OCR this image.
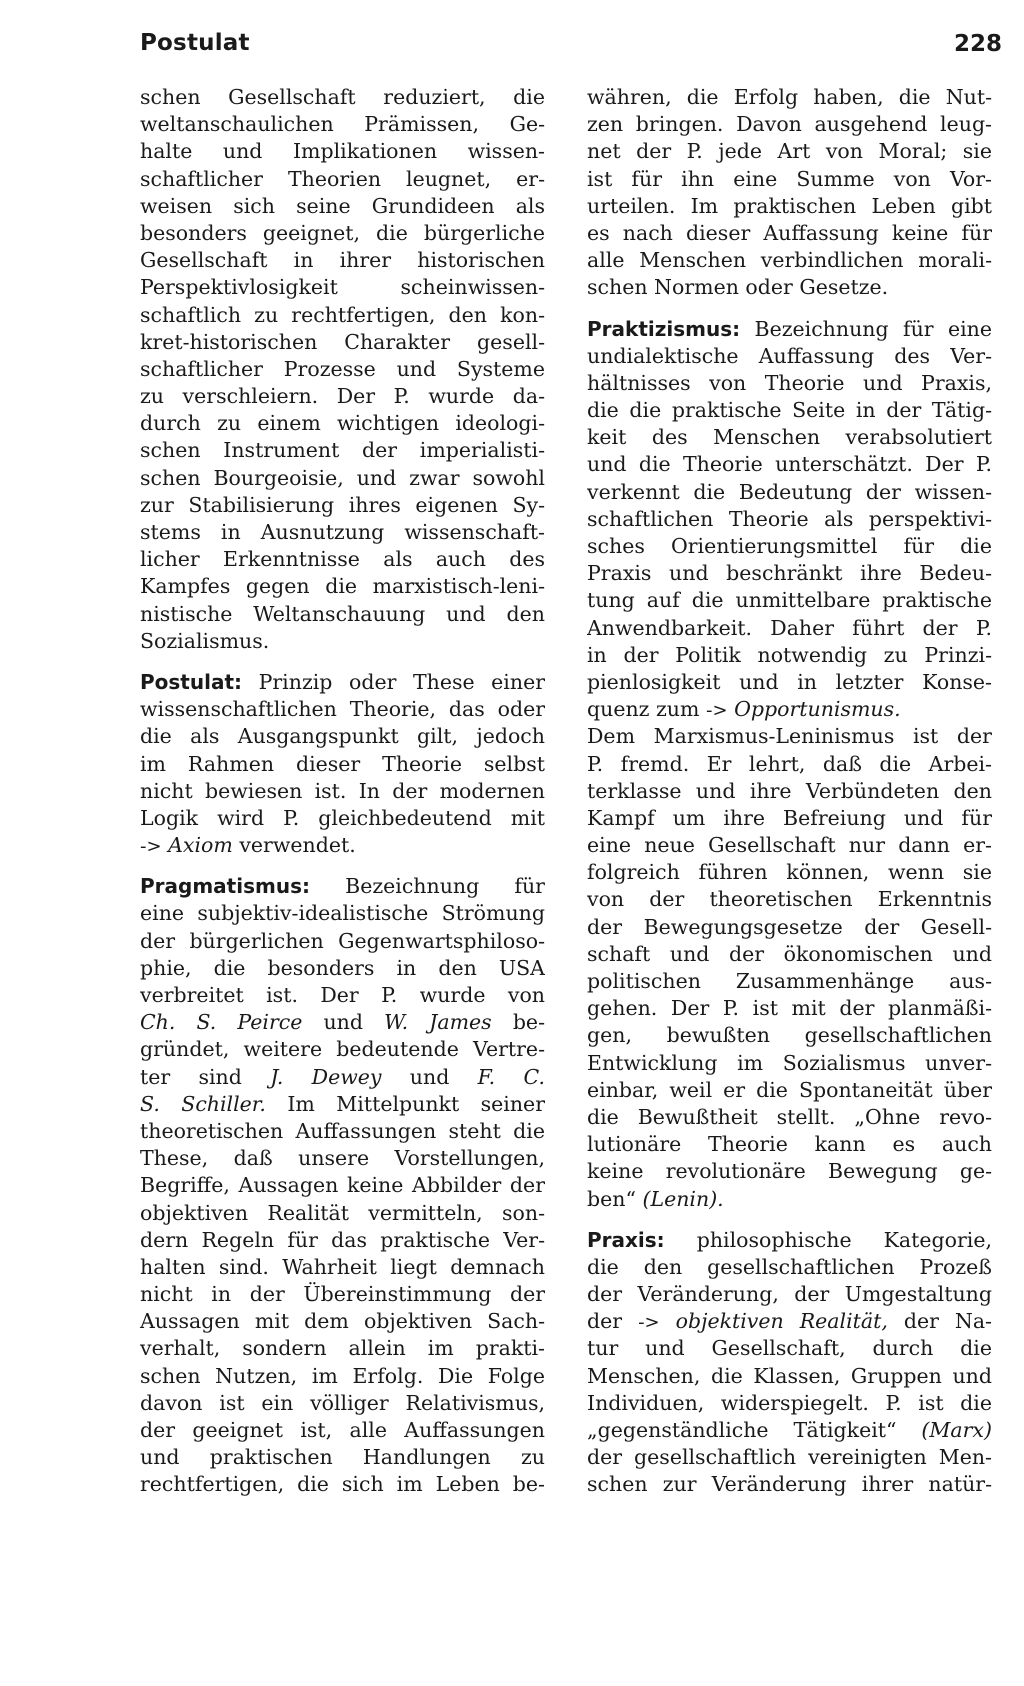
Postulat	228
schen Gesellschaft reduziert, die
weltanschaulichen Prämissen, Ge-
halte und Implikationen wissen-
schaftlicher Theorien leugnet, er-
weisen sich seine Grundideen als
besonders geeignet, die bürgerliche
Gesellschaft in ihrer historischen
Perspektivlosigkeit scheinwissen-
schaftlich zu rechtfertigen, den kon-
kret-historischen Charakter gesell-
schaftlicher Prozesse und Systeme
zu verschleiern. Der P. wurde da-
durch zu einem wichtigen ideologi-
schen Instrument der imperialisti-
schen Bourgeoisie, und zwar sowohl
zur Stabilisierung ihres eigenen Sy-
stems in Ausnutzung wissenschaft-
licher Erkenntnisse als auch des
Kampfes gegen die marxistisch-leni-
nistische Weltanschauung und den
Sozialismus.
Postulat: Prinzip oder These einer
wissenschaftlichen Theorie, das oder
die als Ausgangspunkt gilt, jedoch
im Rahmen dieser Theorie selbst
nicht bewiesen ist. In der modernen
Logik wird P. gleichbedeutend mit
-> Axiom verwendet.
Pragmatismus: Bezeichnung für
eine subjektiv-idealistische Strömung
der bürgerlichen Gegenwartsphiloso-
phie, die besonders in den USA
verbreitet ist. Der P. wurde von
Ch. S. Peirce und W. James be-
gründet, weitere bedeutende Vertre-
ter sind J. Dewey und F. C.
S. Schiller. Im Mittelpunkt seiner
theoretischen Auffassungen steht die
These, daß unsere Vorstellungen,
Begriffe, Aussagen keine Abbilder der
objektiven Realität vermitteln, son-
dern Regeln für das praktische Ver-
halten sind. Wahrheit liegt demnach
nicht in der Übereinstimmung der
Aussagen mit dem objektiven Sach-
verhalt, sondern allein im prakti-
schen Nutzen, im Erfolg. Die Folge
davon ist ein völliger Relativismus,
der geeignet ist, alle Auffassungen
und praktischen Handlungen zu
rechtfertigen, die sich im Leben be-
währen, die Erfolg haben, die Nut-
zen bringen. Davon ausgehend leug-
net der P. jede Art von Moral; sie
ist für ihn eine Summe von Vor-
urteilen. Im praktischen Leben gibt
es nach dieser Auffassung keine für
alle Menschen verbindlichen morali-
schen Normen oder Gesetze.
Praktizismus: Bezeichnung für eine
undialektische Auffassung des Ver-
hältnisses von Theorie und Praxis,
die die praktische Seite in der Tätig-
keit des Menschen verabsolutiert
und die Theorie unterschätzt. Der P.
verkennt die Bedeutung der wissen-
schaftlichen Theorie als perspektivi-
sches Orientierungsmittel für die
Praxis und beschränkt ihre Bedeu-
tung auf die unmittelbare praktische
Anwendbarkeit. Daher führt der P.
in der Politik notwendig zu Prinzi-
pienlosigkeit und in letzter Konse-
quenz zum -> Opportunismus.
Dem Marxismus-Leninismus ist der
P. fremd. Er lehrt, daß die Arbei-
terklasse und ihre Verbündeten den
Kampf um ihre Befreiung und für
eine neue Gesellschaft nur dann er-
folgreich führen können, wenn sie
von der theoretischen Erkenntnis
der Bewegungsgesetze der Gesell-
schaft und der ökonomischen und
politischen Zusammenhänge aus-
gehen. Der P. ist mit der planmäßi-
gen, bewußten gesellschaftlichen
Entwicklung im Sozialismus unver-
einbar, weil er die Spontaneität über
die Bewußtheit stellt. „Ohne revo-
lutionäre Theorie kann es auch
keine revolutionäre Bewegung ge-
ben“ (Lenin).
Praxis: philosophische Kategorie,
die den gesellschaftlichen Prozeß
der Veränderung, der Umgestaltung
der -> objektiven Realität, der Na-
tur und Gesellschaft, durch die
Menschen, die Klassen, Gruppen und
Individuen, widerspiegelt. P. ist die
„gegenständliche Tätigkeit“ (Marx)
der gesellschaftlich vereinigten Men-
schen zur Veränderung ihrer natür-
